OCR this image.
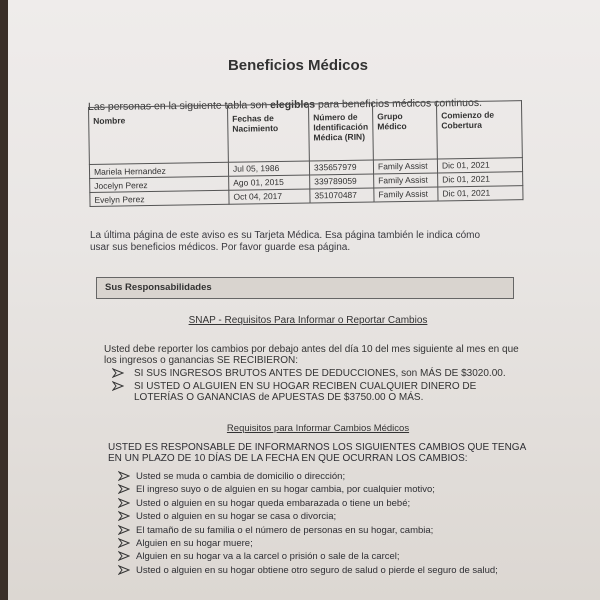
Beneficios Médicos
Las personas en la siguiente tabla son elegibles para beneficios médicos continuos.
Nombre	Fechas de Nacimiento	Número de Identificación Médica (RIN)	Grupo Médico	Comienzo de Cobertura
Mariela Hernandez	Jul 05, 1986	335657979	Family Assist	Dic 01, 2021
Jocelyn Perez	Ago 01, 2015	339789059	Family Assist	Dic 01, 2021
Evelyn Perez	Oct 04, 2017	351070487	Family Assist	Dic 01, 2021
La última página de este aviso es su Tarjeta Médica. Esa página también le indica cómo usar sus beneficios médicos. Por favor guarde esa página.
Sus Responsabilidades
SNAP - Requisitos Para Informar o Reportar Cambios
Usted debe reporter los cambios por debajo antes del día 10 del mes siguiente al mes en que los ingresos o ganancias SE RECIBIERON:
SI SUS INGRESOS BRUTOS ANTES DE DEDUCCIONES, son MÁS DE $3020.00.
SI USTED O ALGUIEN EN SU HOGAR RECIBEN CUALQUIER DINERO DE LOTERÍAS O GANANCIAS de APUESTAS DE $3750.00 O MÁS.
Requisitos para Informar Cambios Médicos
USTED ES RESPONSABLE DE INFORMARNOS LOS SIGUIENTES CAMBIOS QUE TENGA EN UN PLAZO DE 10 DÍAS DE LA FECHA EN QUE OCURRAN LOS CAMBIOS:
Usted se muda o cambia de domicilio o dirección;
El ingreso suyo o de alguien en su hogar cambia, por cualquier motivo;
Usted o alguien en su hogar queda embarazada o tiene un bebé;
Usted o alguien en su hogar se casa o divorcia;
El tamaño de su familia o el número de personas en su hogar, cambia;
Alguien en su hogar muere;
Alguien en su hogar va a la carcel o prisión o sale de la carcel;
Usted o alguien en su hogar obtiene otro seguro de salud o pierde el seguro de salud;
